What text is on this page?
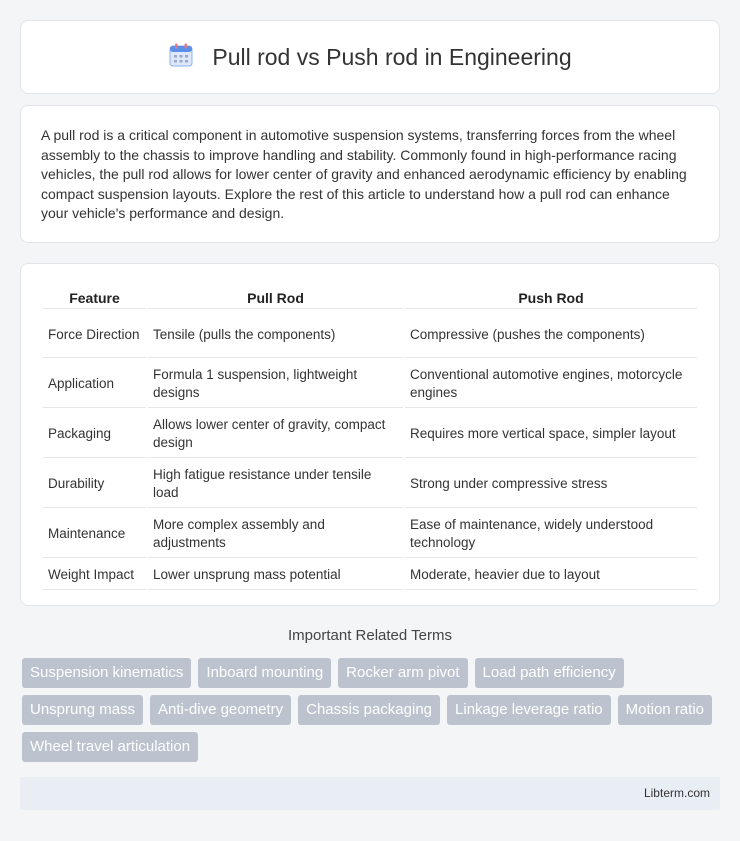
Pull rod vs Push rod in Engineering

A pull rod is a critical component in automotive suspension systems, transferring forces from the wheel assembly to the chassis to improve handling and stability. Commonly found in high-performance racing vehicles, the pull rod allows for lower center of gravity and enhanced aerodynamic efficiency by enabling compact suspension layouts. Explore the rest of this article to understand how a pull rod can enhance your vehicle's performance and design.

Feature	Pull Rod	Push Rod
Force Direction	Tensile (pulls the components)	Compressive (pushes the components)
Application	Formula 1 suspension, lightweight designs	Conventional automotive engines, motorcycle engines
Packaging	Allows lower center of gravity, compact design	Requires more vertical space, simpler layout
Durability	High fatigue resistance under tensile load	Strong under compressive stress
Maintenance	More complex assembly and adjustments	Ease of maintenance, widely understood technology
Weight Impact	Lower unsprung mass potential	Moderate, heavier due to layout
Important Related Terms
Suspension kinematics	Inboard mounting	Rocker arm pivot	Load path efficiency
Unsprung mass	Anti-dive geometry	Chassis packaging	Linkage leverage ratio	Motion ratio
Wheel travel articulation
Libterm.com
